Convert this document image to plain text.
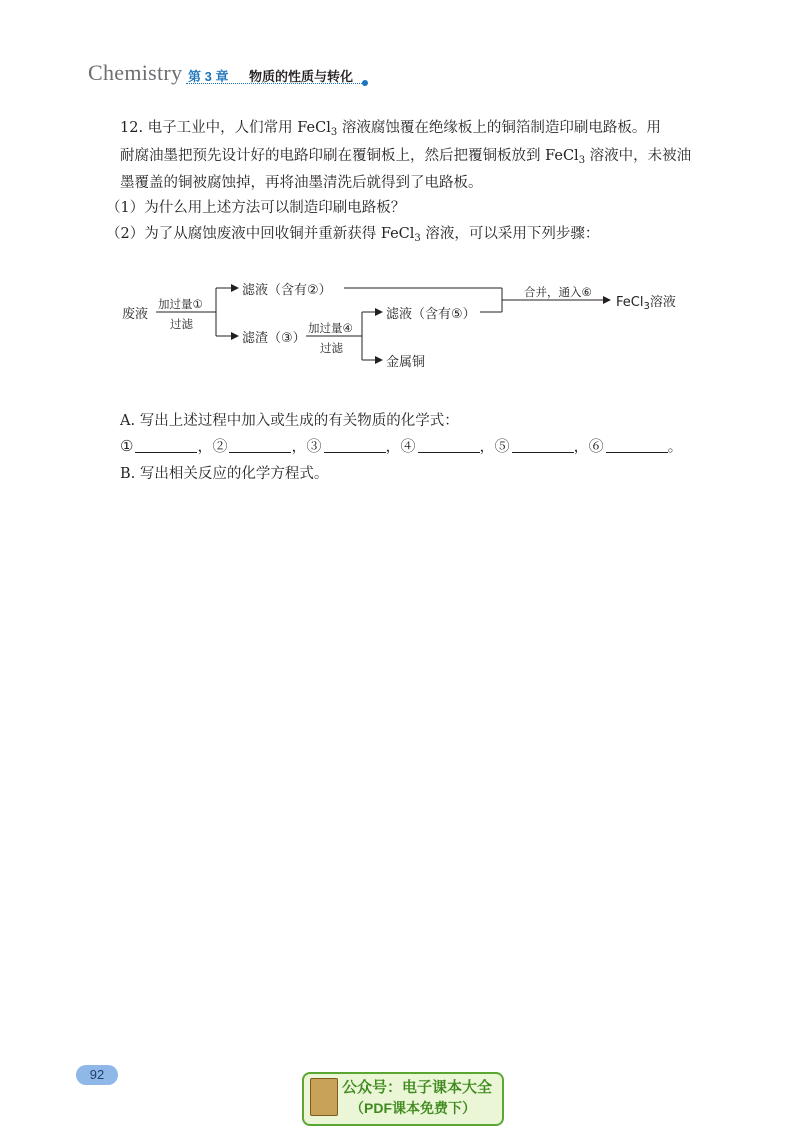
Chemistry 第 3 章 物质的性质与转化
12. 电子工业中，人们常用 FeCl$_3$ 溶液腐蚀覆在绝缘板上的铜箔制造印刷电路板。用
耐腐油墨把预先设计好的电路印刷在覆铜板上，然后把覆铜板放到 FeCl$_3$ 溶液中，未被油
墨覆盖的铜被腐蚀掉，再将油墨清洗后就得到了电路板。
（1）为什么用上述方法可以制造印刷电路板？
（2）为了从腐蚀废液中回收铜并重新获得 FeCl$_3$ 溶液，可以采用下列步骤：
废液
加过量①
过滤
滤液（含有②）
滤渣（③）
加过量④
过滤
滤液（含有⑤）
金属铜
合并，通入⑥
FeCl$_3$溶液
A. 写出上述过程中加入或生成的有关物质的化学式：
①	，②	，③	，④	，⑤	，⑥	。
B. 写出相关反应的化学方程式。
92
公众号：电子课本大全
（PDF课本免费下）
